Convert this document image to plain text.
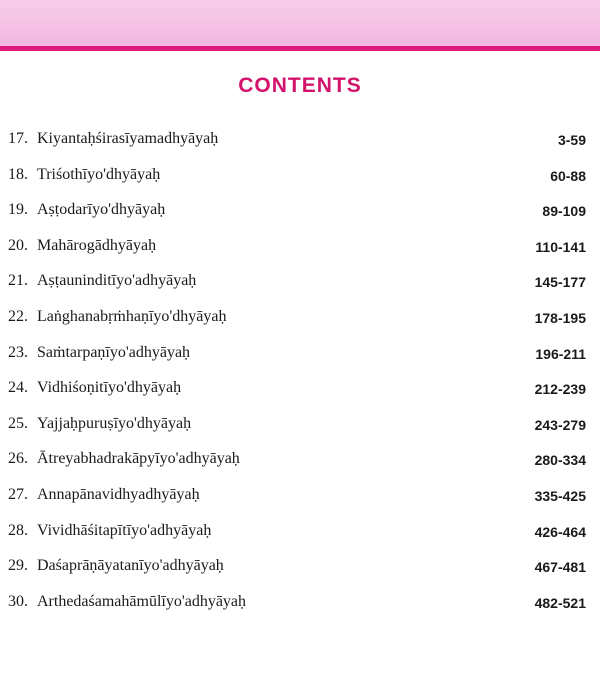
CONTENTS
17. Kiyantaḥśirasīyamadhyāyaḥ	3-59
18. Triśothīyo'dhyāyaḥ	60-88
19. Aṣṭodarīyo'dhyāyaḥ	89-109
20. Mahārogādhyāyaḥ	110-141
21. Aṣṭauninditīyo'adhyāyaḥ	145-177
22. Laṅghanabṛṁhaṇīyo'dhyāyaḥ	178-195
23. Saṁtarpaṇīyo'adhyāyaḥ	196-211
24. Vidhiśoṇitīyo'dhyāyaḥ	212-239
25. Yajjaḥpuruṣīyo'dhyāyaḥ	243-279
26. Ātreyabhadrakāpyīyo'adhyāyaḥ	280-334
27. Annapānavidhyadhyāyaḥ	335-425
28. Vividhāśitapītīyo'adhyāyaḥ	426-464
29. Daśaprāṇāyatanīyo'adhyāyaḥ	467-481
30. Arthedaśamahāmūlīyo'adhyāyaḥ	482-521
